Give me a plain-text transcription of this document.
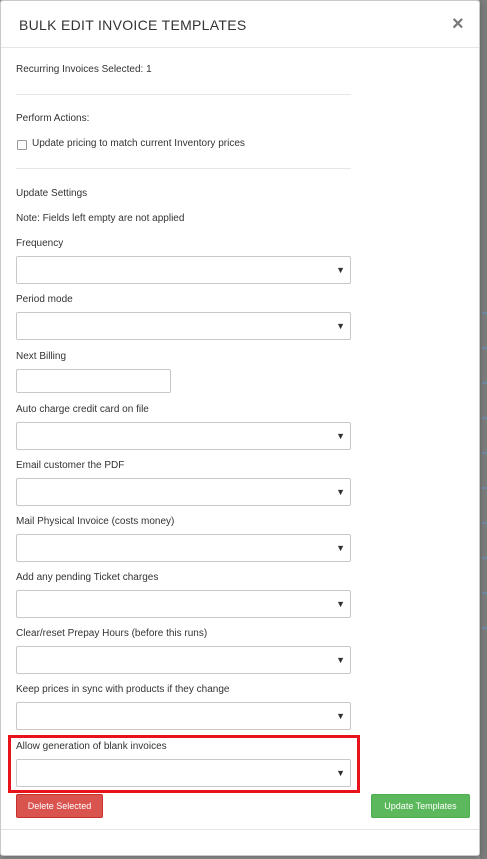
BULK EDIT INVOICE TEMPLATES	×
Recurring Invoices Selected: 1
Perform Actions:
Update pricing to match current Inventory prices
Update Settings
Note: Fields left empty are not applied
Frequency
▼
Period mode
▼
Next Billing
Auto charge credit card on file
▼
Email customer the PDF
▼
Mail Physical Invoice (costs money)
▼
Add any pending Ticket charges
▼
Clear/reset Prepay Hours (before this runs)
▼
Keep prices in sync with products if they change
▼
Allow generation of blank invoices
▼
Delete Selected	Update Templates
